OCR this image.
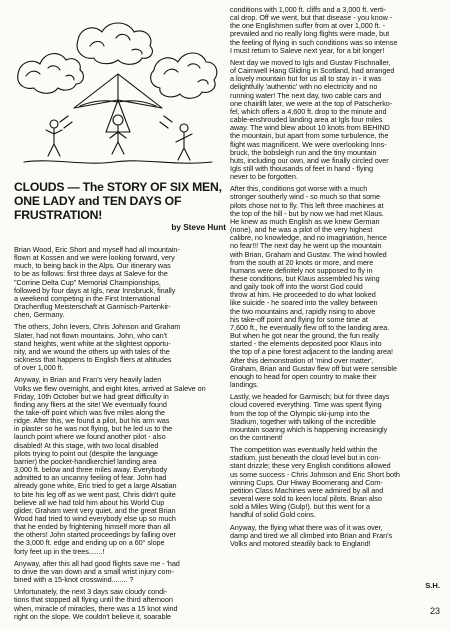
CLOUDS — The STORY OF SIX MEN, ONE LADY and TEN DAYS OF FRUSTRATION!

by Steve Hunt

Brian Wood, Eric Short and myself had all mountain-
flown at Kossen and we were looking forward, very
much, to being back in the Alps. Our itinerary was
to be as follows: first three days at Saleve for the
"Corrine Delta Cup" Memorial Championships,
followed by four days at Igls, near Innsbruck, finally
a weekend competing in the First International
Drachenflug Meisterschaft at Garmisch-Partenkir-
chen, Germany.

The others, John Ievers, Chris Johnson and Graham
Slater, had not flown mountains. John, who can't
stand heights, went white at the slightest opportu-
nity, and we wound the others up with tales of the
sickness that happens to English fliers at altitudes
of over 1,000 ft.

Anyway, in Brian and Fran's very heavily laden
Volks we flew overnight, and eight kites, arrived at Saleve on
Friday, 10th October but we had great difficulty in
finding any fliers at the site! We eventually found
the take-off point which was five miles along the
ridge. After this, we found a pilot, but his arm was
in plaster so he was not flying, but he led us to the
launch point where we found another pilot - also
disabled! At this stage, with two local disabled
pilots trying to point out (despite the language
barrier) the pocket-handkerchief landing area
3,000 ft. below and three miles away. Everybody
admitted to an uncanny feeling of fear. John had
already gone white, Eric tried to get a large Alsatian
to bite his leg off as we went past, Chris didn't quite
believe all we had told him about his World Cup
glider, Graham went very quiet, and the great Brian
Wood had tried to wind everybody else up so much
that he ended by frightening himself more than all
the others! John started proceedings by falling over
the 3,000 ft. edge and ending up on a 60° slope
forty feet up in the trees.......!

Anyway, after this all had good flights save me - 'had
to drive the van down and a small wrist injury com-
bined with a 15-knot crosswind........ ?

Unfortunately, the next 3 days saw cloudy condi-
tions that stopped all flying until the third afternoon
when, miracle of miracles, there was a 15 knot wind
right on the slope. We couldn't believe it, soarable

conditions with 1,000 ft. cliffs and a 3,000 ft. verti-
cal drop. Off we went, but that disease - you know -
the one Englishmen suffer from at over 1,000 ft. -
prevailed and no really long flights were made, but
the feeling of flying in such conditions was so intense
I must return to Saleve next year, for a bit longer!

Next day we moved to Igls and Gustav Fischnaller,
of Cairnwell Hang Gliding in Scotland, had arranged
a lovely mountain hut for us all to stay in - it was
delightfully 'authentic' with no electricity and no
running water! The next day, two cable cars and
one chairlift later, we were at the top of Patscherko-
fel, which offers a 4,600 ft. drop to the minute and
cable-enshrouded landing area at Igls four miles
away. The wind blew about 10 knots from BEHIND
the mountain, but apart from some turbulence, the
flight was magnificent. We were overlooking Inns-
bruck, the bobsleigh run and the tiny mountain
huts, including our own, and we finally circled over
Igls still with thousands of feet in hand - flying
never to be forgotten.

After this, conditions got worse with a much
stronger southerly wind - so much so that some
pilots chose not to fly. This left three machines at
the top of the hill - but by now we had met Klaus.
He knew as much English as we knew German
(none), and he was a pilot of the very highest
calibre, no knowledge, and no imagination, hence
no fear!!! The next day he went up the mountain
with Brian, Graham and Gustav. The wind howled
from the south at 20 knots or more, and mere
humans were definitely not supposed to fly in
these conditions, but Klaus assembled his wing
and gaily took off into the worst God could
throw at him. He proceeded to do what looked
like suicide - he soared into the valley between
the two mountains and, rapidly rising to above
his take-off point and flying for some time at
7,600 ft., he eventually flew off to the landing area.
But when he got near the ground, the fun really
started - the elements deposited poor Klaus into
the top of a pine forest adjacent to the landing area!
After this demonstration of 'mind over matter',
Graham, Brian and Gustav flew off but were sensible
enough to head for open country to make their
landings.

Lastly, we headed for Garmisch; but for three days
cloud covered everything. Time was spent flying
from the top of the Olympic ski-jump into the
Stadium, together with talking of the incredible
mountain soaring which is happening increasingly
on the continent!

The competition was eventually held within the
stadium, just beneath the cloud level but in con-
stant drizzle; these very English conditions allowed
us some success - Chris Johnson and Eric Short both
winning Cups. Our Hiway Boomerang and Com-
petition Class Machines were admired by all and
several were sold to keen local pilots. Brian also
sold a Miles Wing (Gulp!). but this went for a
handful of solid Gold coins.

Anyway, the flying what there was of it was over,
damp and tired we all climbed into Brian and Fran's
Volks and motored steadily back to England!

S.H.
23
